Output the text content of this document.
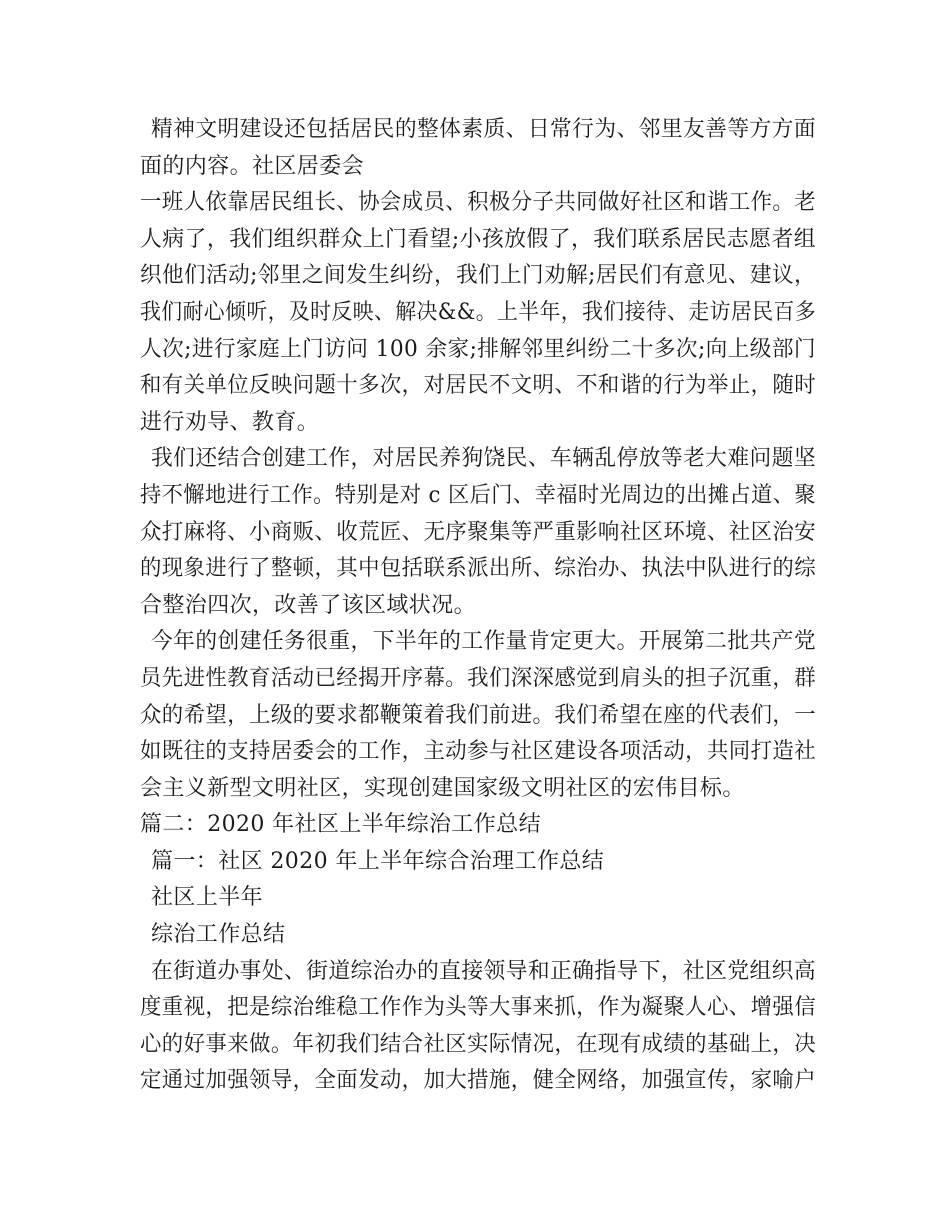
精神文明建设还包括居民的整体素质、日常行为、邻里友善等方方面
面的内容。社区居委会
一班人依靠居民组长、协会成员、积极分子共同做好社区和谐工作。老
人病了，我们组织群众上门看望;小孩放假了，我们联系居民志愿者组
织他们活动;邻里之间发生纠纷，我们上门劝解;居民们有意见、建议，
我们耐心倾听，及时反映、解决&&。上半年，我们接待、走访居民百多
人次;进行家庭上门访问 100 余家;排解邻里纠纷二十多次;向上级部门
和有关单位反映问题十多次，对居民不文明、不和谐的行为举止，随时
进行劝导、教育。
我们还结合创建工作，对居民养狗饶民、车辆乱停放等老大难问题坚
持不懈地进行工作。特别是对 c 区后门、幸福时光周边的出摊占道、聚
众打麻将、小商贩、收荒匠、无序聚集等严重影响社区环境、社区治安
的现象进行了整顿，其中包括联系派出所、综治办、执法中队进行的综
合整治四次，改善了该区域状况。
今年的创建任务很重，下半年的工作量肯定更大。开展第二批共产党
员先进性教育活动已经揭开序幕。我们深深感觉到肩头的担子沉重，群
众的希望，上级的要求都鞭策着我们前进。我们希望在座的代表们，一
如既往的支持居委会的工作，主动参与社区建设各项活动，共同打造社
会主义新型文明社区，实现创建国家级文明社区的宏伟目标。
篇二：2020 年社区上半年综治工作总结
篇一：社区 2020 年上半年综合治理工作总结
社区上半年
综治工作总结
在街道办事处、街道综治办的直接领导和正确指导下，社区党组织高
度重视，把是综治维稳工作作为头等大事来抓，作为凝聚人心、增强信
心的好事来做。年初我们结合社区实际情况，在现有成绩的基础上，决
定通过加强领导，全面发动，加大措施，健全网络，加强宣传，家喻户
